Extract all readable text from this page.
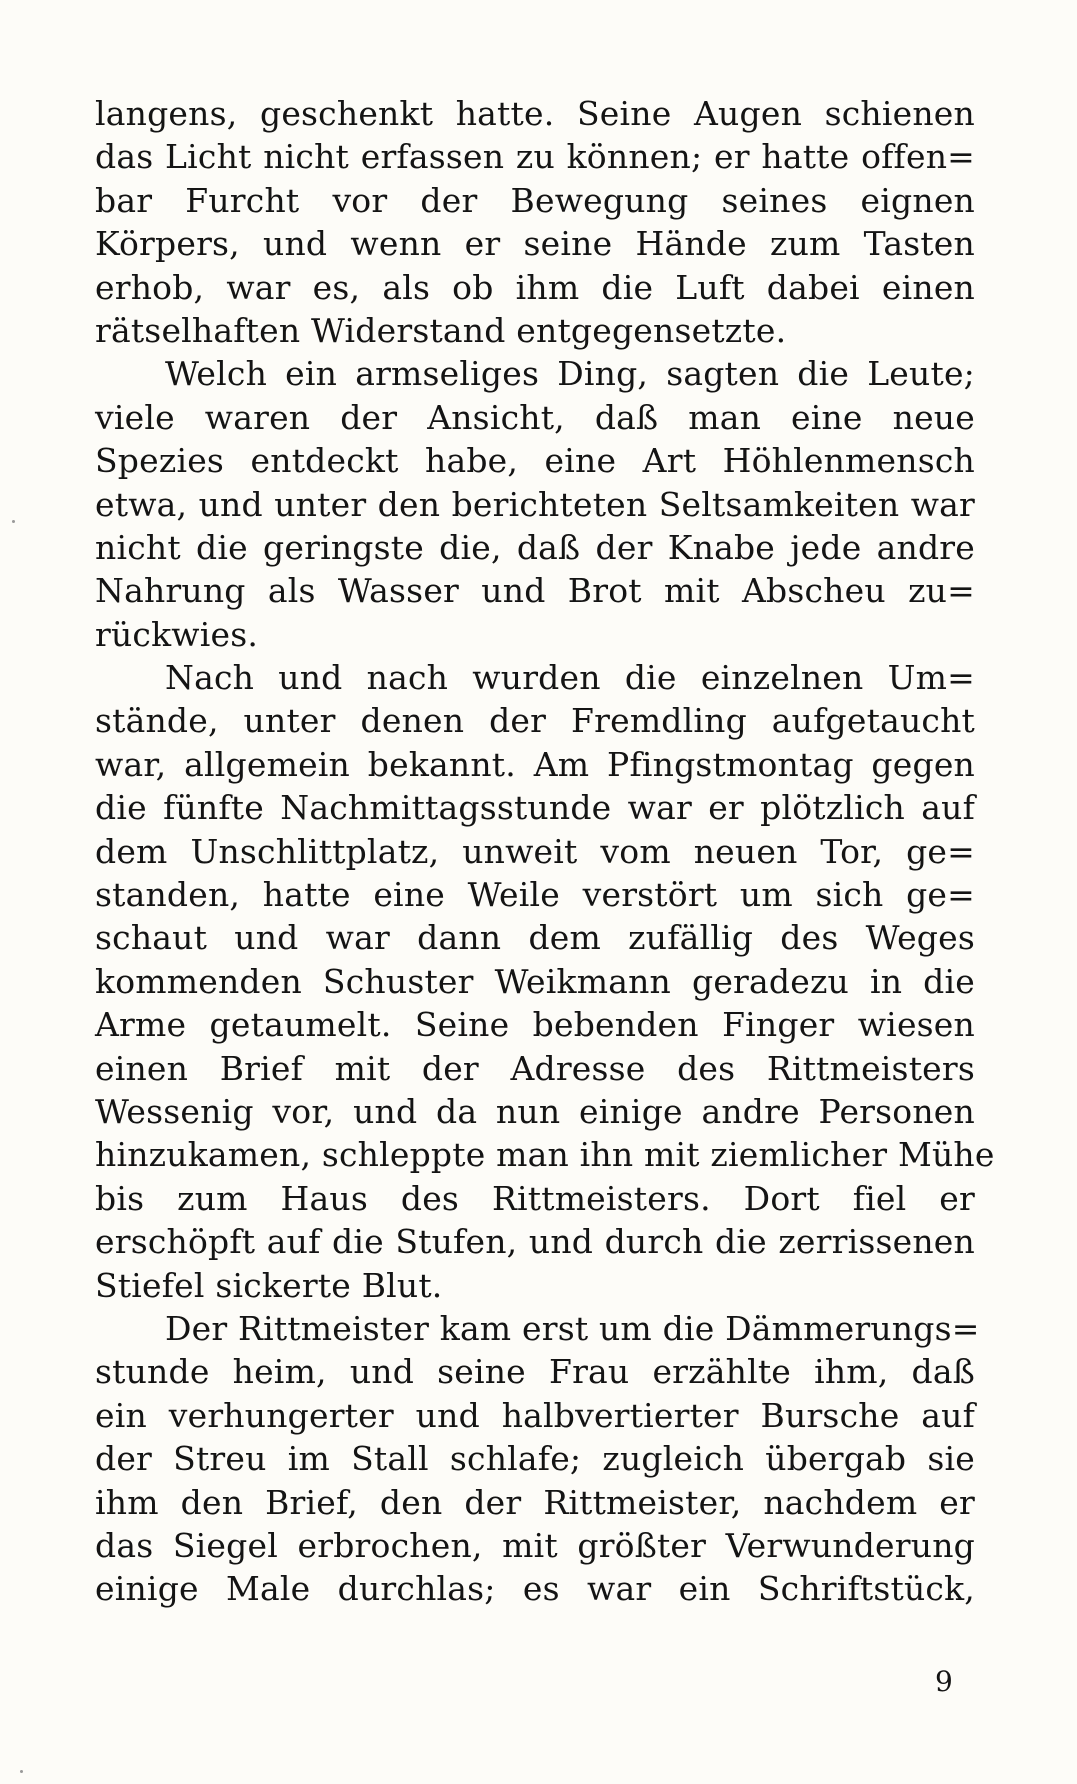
langens, geschenkt hatte. Seine Augen schienen
das Licht nicht erfassen zu können; er hatte offen=
bar Furcht vor der Bewegung seines eignen
Körpers, und wenn er seine Hände zum Tasten
erhob, war es, als ob ihm die Luft dabei einen
rätselhaften Widerstand entgegensetzte.
Welch ein armseliges Ding, sagten die Leute;
viele waren der Ansicht, daß man eine neue
Spezies entdeckt habe, eine Art Höhlenmensch
etwa, und unter den berichteten Seltsamkeiten war
nicht die geringste die, daß der Knabe jede andre
Nahrung als Wasser und Brot mit Abscheu zu=
rückwies.
Nach und nach wurden die einzelnen Um=
stände, unter denen der Fremdling aufgetaucht
war, allgemein bekannt. Am Pfingstmontag gegen
die fünfte Nachmittagsstunde war er plötzlich auf
dem Unschlittplatz, unweit vom neuen Tor, ge=
standen, hatte eine Weile verstört um sich ge=
schaut und war dann dem zufällig des Weges
kommenden Schuster Weikmann geradezu in die
Arme getaumelt. Seine bebenden Finger wiesen
einen Brief mit der Adresse des Rittmeisters
Wessenig vor, und da nun einige andre Personen
hinzukamen, schleppte man ihn mit ziemlicher Mühe
bis zum Haus des Rittmeisters. Dort fiel er
erschöpft auf die Stufen, und durch die zerrissenen
Stiefel sickerte Blut.
Der Rittmeister kam erst um die Dämmerungs=
stunde heim, und seine Frau erzählte ihm, daß
ein verhungerter und halbvertierter Bursche auf
der Streu im Stall schlafe; zugleich übergab sie
ihm den Brief, den der Rittmeister, nachdem er
das Siegel erbrochen, mit größter Verwunderung
einige Male durchlas; es war ein Schriftstück,
9
